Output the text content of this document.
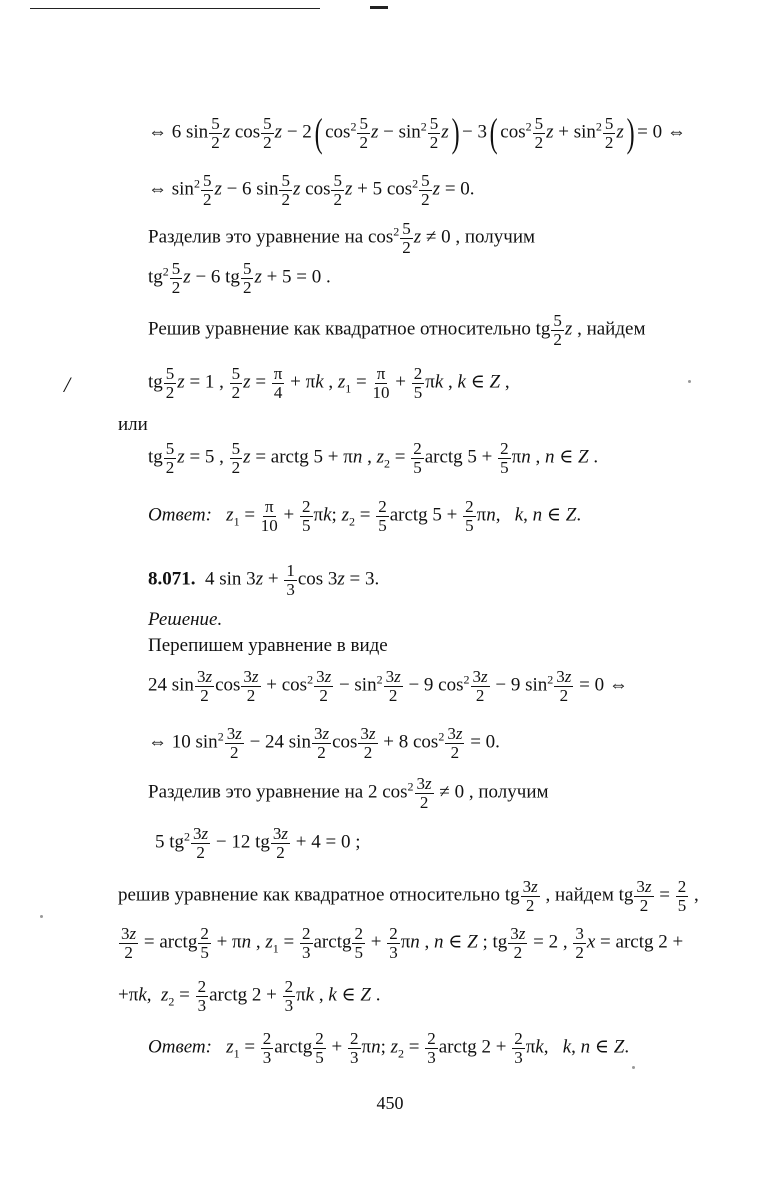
⇔ 6 $\sin \frac{5}{2}$ z $\cos \frac{5}{2}$ z − 2( $\cos^2 \frac{5}{2}$ $z - \sin^2 \frac{5}{2} z) - 3$( $\cos^2 \frac{5}{2}$ $z + \sin^2 \frac{5}{2} z) = 0$ ⇔
⇔ $\sin^2 \frac{5}{2}$ z − 6 $\sin \frac{5}{2}$ z $\cos \frac{5}{2}$ z + 5 $\cos^2 \frac{5}{2}$ z = 0.
Разделив это уравнение на $\cos^2 \frac{5}{2}$ z ≠ 0 , получим
$tg^2 \frac{5}{2}$ z − 6 tg $\frac{5}{2}$ z + 5 = 0 .
Решив уравнение как квадратное относительно tg $\frac{5}{2}$ z , найдем
/	tg $\frac{5}{2}$ z = 1 , $\frac{5}{2}$ $z = \frac{\pi}{4} + \pi k$ , $z_1 = \frac{\pi}{10} + \frac{2}{5}$ πk , k ∈ Z ,
или
tg $\frac{5}{2}$ z = 5 , $\frac{5}{2}$ z = arctg 5 + πn , $z_2 = \frac{2}{5}$ arctg $5 + \frac{2}{5}$ πn , n ∈ Z .
Ответ: $z_1 = \frac{\pi}{10} + \frac{2}{5} \pi k$; $z_2 = \frac{2}{5}$ arctg $5 + \frac{2}{5} \pi n$,   k, n ∈ Z.
8.071.  4 $\sin 3z + \frac{1}{3}$ cos 3z = 3.
Решение.
Перепишем уравнение в виде
24 $\sin \frac{3z}{2}$ $\cos \frac{3z}{2} + \cos^2 \frac{3z}{2} - \sin^2 \frac{3z}{2} - 9$ $\cos^2 \frac{3z}{2} - 9$ $\sin^2 \frac{3z}{2} = 0$ ⇔
⇔ 10 $\sin^2 \frac{3z}{2} - 24$ $\sin \frac{3z}{2}$ $\cos \frac{3z}{2} + 8$ $\cos^2 \frac{3z}{2} = 0$.
Разделив это уравнение на 2 $\cos^2 \frac{3z}{2} \ne 0$ , получим
5 $tg^2 \frac{3z}{2} - 12$ tg $\frac{3z}{2} + 4 = 0$ ;
решив уравнение как квадратное относительно tg $\frac{3z}{2}$ , найдем tg $\frac{3z}{2} = \frac{2}{5}$ ,
$\frac{3z}{2}$ = arctg $\frac{2}{5} + \pi n$ , $z_1 = \frac{2}{3}$ arctg $\frac{2}{5} + \frac{2}{3}$ πn , n ∈ Z ; tg $\frac{3z}{2} = 2$ , $\frac{3}{2}$ x = arctg 2 +
+πk,  $z_2 = \frac{2}{3}$ arctg $2 + \frac{2}{3}$ πk , k ∈ Z .
Ответ: $z_1 = \frac{2}{3}$ arctg $\frac{2}{5} + \frac{2}{3} \pi n$; $z_2 = \frac{2}{3}$ arctg $2 + \frac{2}{3} \pi k$,   k, n ∈ Z.
450
